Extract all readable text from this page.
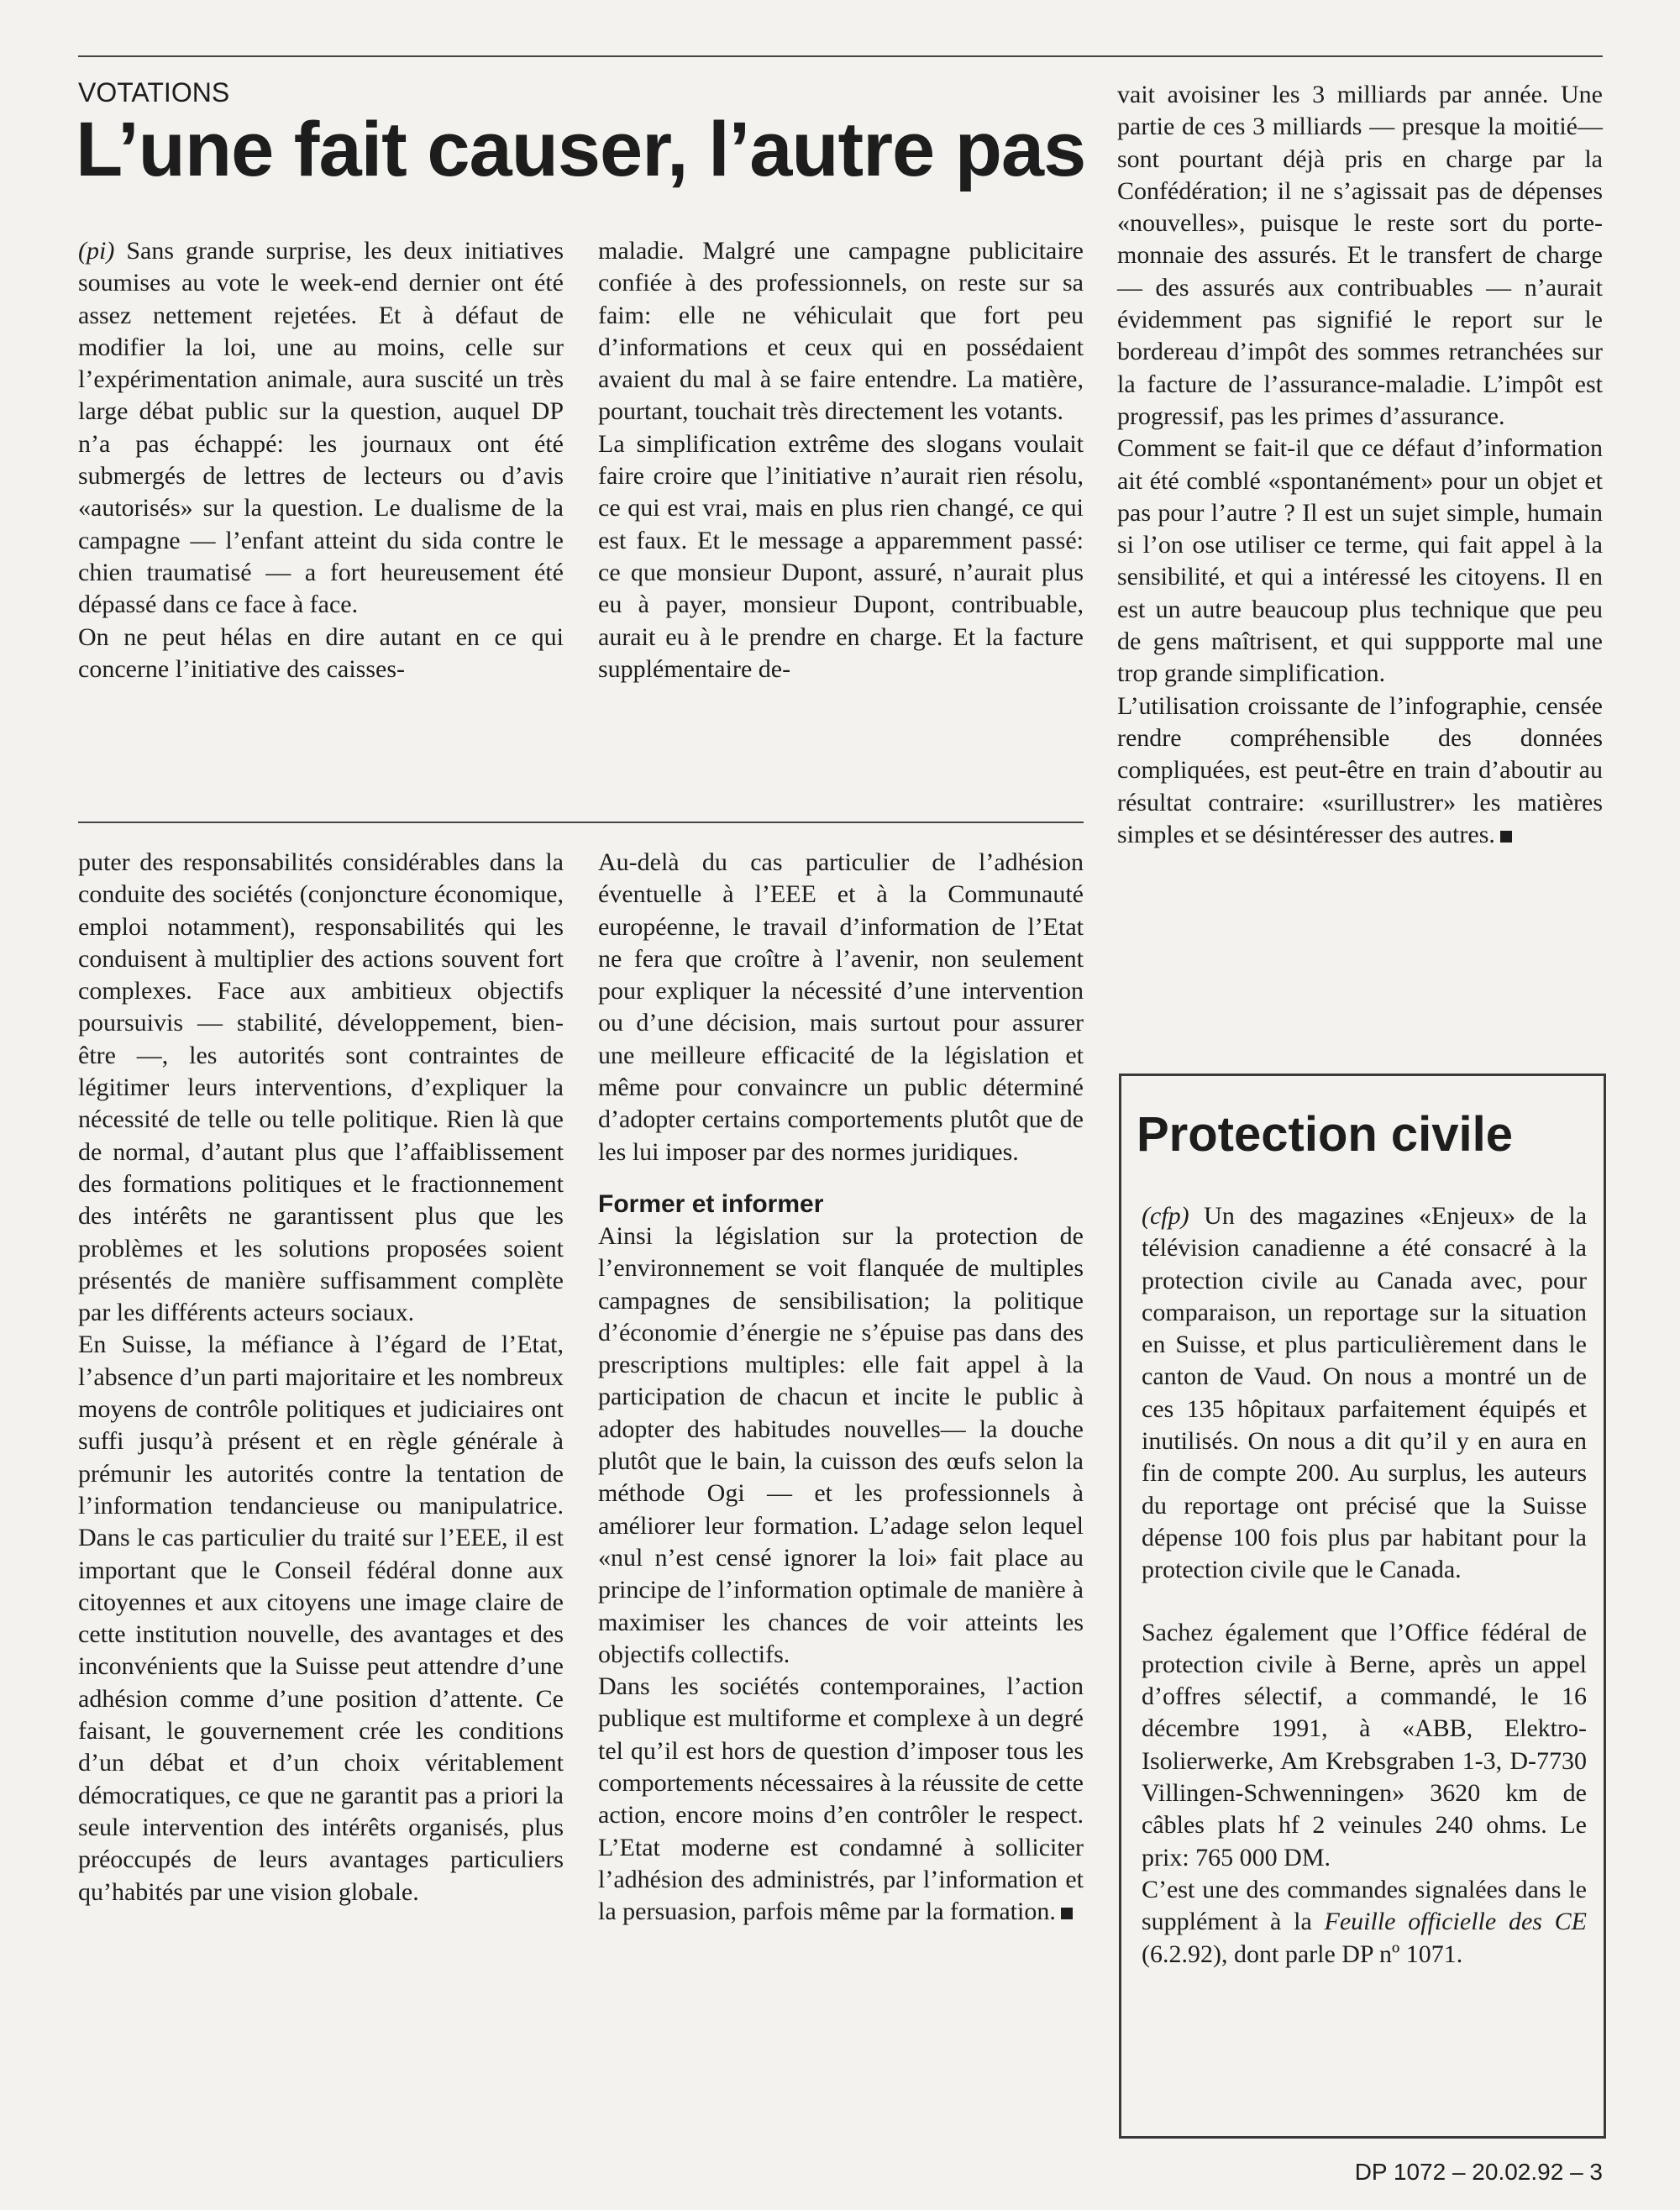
VOTATIONS
L’une fait causer, l’autre pas

(pi) Sans grande surprise, les deux initiatives soumises au vote le week-end dernier ont été assez nettement rejetées. Et à défaut de modifier la loi, une au moins, celle sur l’expérimentation animale, aura suscité un très large débat public sur la question, auquel DP n’a pas échappé: les journaux ont été submergés de lettres de lecteurs ou d’avis «autorisés» sur la question. Le dualisme de la campagne — l’enfant atteint du sida contre le chien traumatisé — a fort heureusement été dépassé dans ce face à face.

On ne peut hélas en dire autant en ce qui concerne l’initiative des caisses-

maladie. Malgré une campagne publicitaire confiée à des professionnels, on reste sur sa faim: elle ne véhiculait que fort peu d’informations et ceux qui en possédaient avaient du mal à se faire entendre. La matière, pourtant, touchait très directement les votants.

La simplification extrême des slogans voulait faire croire que l’initiative n’aurait rien résolu, ce qui est vrai, mais en plus rien changé, ce qui est faux. Et le message a apparemment passé: ce que monsieur Dupont, assuré, n’aurait plus eu à payer, monsieur Dupont, contribuable, aurait eu à le prendre en charge. Et la facture supplémentaire de-

vait avoisiner les 3 milliards par année. Une partie de ces 3 milliards — presque la moitié— sont pourtant déjà pris en charge par la Confédération; il ne s’agissait pas de dépenses «nouvelles», puisque le reste sort du porte-monnaie des assurés. Et le transfert de charge — des assurés aux contribuables — n’aurait évidemment pas signifié le report sur le bordereau d’impôt des sommes retranchées sur la facture de l’assurance-maladie. L’impôt est progressif, pas les primes d’assurance.

Comment se fait-il que ce défaut d’information ait été comblé «spontanément» pour un objet et pas pour l’autre ? Il est un sujet simple, humain si l’on ose utiliser ce terme, qui fait appel à la sensibilité, et qui a intéressé les citoyens. Il en est un autre beaucoup plus technique que peu de gens maîtrisent, et qui suppporte mal une trop grande simplification.

L’utilisation croissante de l’infographie, censée rendre compréhensible des données compliquées, est peut-être en train d’aboutir au résultat contraire: «surillustrer» les matières simples et se désintéresser des autres.

puter des responsabilités considérables dans la conduite des sociétés (conjoncture économique, emploi notamment), responsabilités qui les conduisent à multiplier des actions souvent fort complexes. Face aux ambitieux objectifs poursuivis — stabilité, développement, bien-être —, les autorités sont contraintes de légitimer leurs interventions, d’expliquer la nécessité de telle ou telle politique. Rien là que de normal, d’autant plus que l’affaiblissement des formations politiques et le fractionnement des intérêts ne garantissent plus que les problèmes et les solutions proposées soient présentés de manière suffisamment complète par les différents acteurs sociaux.

En Suisse, la méfiance à l’égard de l’Etat, l’absence d’un parti majoritaire et les nombreux moyens de contrôle politiques et judiciaires ont suffi jusqu’à présent et en règle générale à prémunir les autorités contre la tentation de l’information tendancieuse ou manipulatrice. Dans le cas particulier du traité sur l’EEE, il est important que le Conseil fédéral donne aux citoyennes et aux citoyens une image claire de cette institution nouvelle, des avantages et des inconvénients que la Suisse peut attendre d’une adhésion comme d’une position d’attente. Ce faisant, le gouvernement crée les conditions d’un débat et d’un choix véritablement démocratiques, ce que ne garantit pas a priori la seule intervention des intérêts organisés, plus préoccupés de leurs avantages particuliers qu’habités par une vision globale.

Au-delà du cas particulier de l’adhésion éventuelle à l’EEE et à la Communauté européenne, le travail d’information de l’Etat ne fera que croître à l’avenir, non seulement pour expliquer la nécessité d’une intervention ou d’une décision, mais surtout pour assurer une meilleure efficacité de la législation et même pour convaincre un public déterminé d’adopter certains comportements plutôt que de les lui imposer par des normes juridiques.

Former et informer

Ainsi la législation sur la protection de l’environnement se voit flanquée de multiples campagnes de sensibilisation; la politique d’économie d’énergie ne s’épuise pas dans des prescriptions multiples: elle fait appel à la participation de chacun et incite le public à adopter des habitudes nouvelles— la douche plutôt que le bain, la cuisson des œufs selon la méthode Ogi — et les professionnels à améliorer leur formation. L’adage selon lequel «nul n’est censé ignorer la loi» fait place au principe de l’information optimale de manière à maximiser les chances de voir atteints les objectifs collectifs.

Dans les sociétés contemporaines, l’action publique est multiforme et complexe à un degré tel qu’il est hors de question d’imposer tous les comportements nécessaires à la réussite de cette action, encore moins d’en contrôler le respect. L’Etat moderne est condamné à solliciter l’adhésion des administrés, par l’information et la persuasion, parfois même par la formation.

Protection civile

(cfp) Un des magazines «Enjeux» de la télévision canadienne a été consacré à la protection civile au Canada avec, pour comparaison, un reportage sur la situation en Suisse, et plus particulièrement dans le canton de Vaud. On nous a montré un de ces 135 hôpitaux parfaitement équipés et inutilisés. On nous a dit qu’il y en aura en fin de compte 200. Au surplus, les auteurs du reportage ont précisé que la Suisse dépense 100 fois plus par habitant pour la protection civile que le Canada.

Sachez également que l’Office fédéral de protection civile à Berne, après un appel d’offres sélectif, a commandé, le 16 décembre 1991, à «ABB, Elektro-Isolierwerke, Am Krebsgraben 1-3, D-7730 Villingen-Schwenningen» 3620 km de câbles plats hf 2 veinules 240 ohms. Le prix: 765 000 DM.

C’est une des commandes signalées dans le supplément à la Feuille officielle des CE (6.2.92), dont parle DP nº 1071.

DP 1072 – 20.02.92 – 3
